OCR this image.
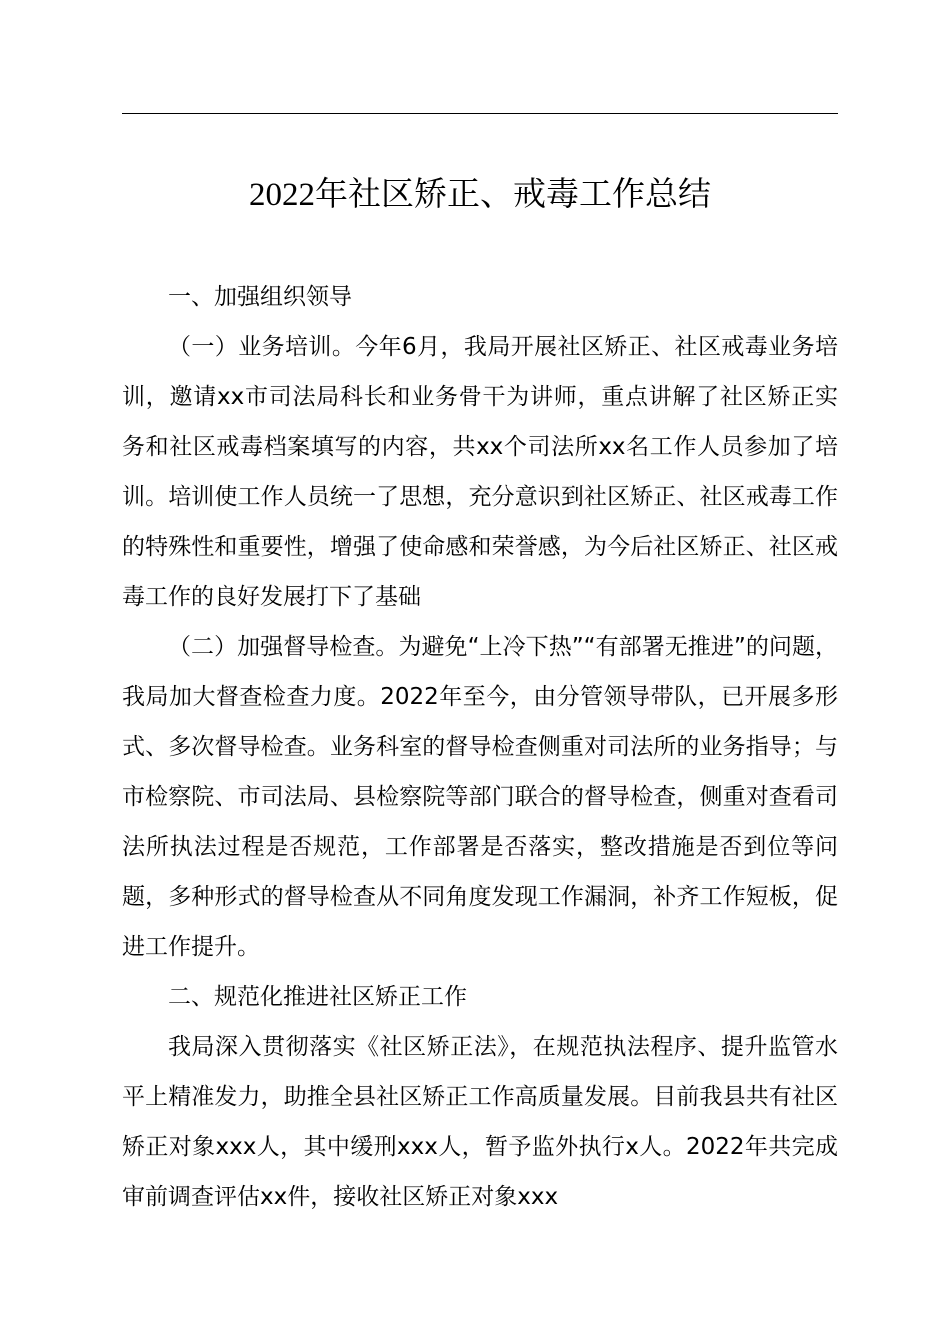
2022年社区矫正、戒毒工作总结

一、加强组织领导

（一）业务培训。今年6月，我局开展社区矫正、社区戒毒业务培训，邀请xx市司法局科长和业务骨干为讲师，重点讲解了社区矫正实务和社区戒毒档案填写的内容，共xx个司法所xx名工作人员参加了培训。培训使工作人员统一了思想，充分意识到社区矫正、社区戒毒工作的特殊性和重要性，增强了使命感和荣誉感，为今后社区矫正、社区戒毒工作的良好发展打下了基础

（二）加强督导检查。为避免“上冷下热”“有部署无推进”的问题，我局加大督查检查力度。2022年至今，由分管领导带队，已开展多形式、多次督导检查。业务科室的督导检查侧重对司法所的业务指导；与市检察院、市司法局、县检察院等部门联合的督导检查，侧重对查看司法所执法过程是否规范，工作部署是否落实，整改措施是否到位等问题，多种形式的督导检查从不同角度发现工作漏洞，补齐工作短板，促进工作提升。

二、规范化推进社区矫正工作

我局深入贯彻落实《社区矫正法》，在规范执法程序、提升监管水平上精准发力，助推全县社区矫正工作高质量发展。目前我县共有社区矫正对象xxx人，其中缓刑xxx人，暂予监外执行x人。2022年共完成审前调查评估xx件，接收社区矫正对象xxx
